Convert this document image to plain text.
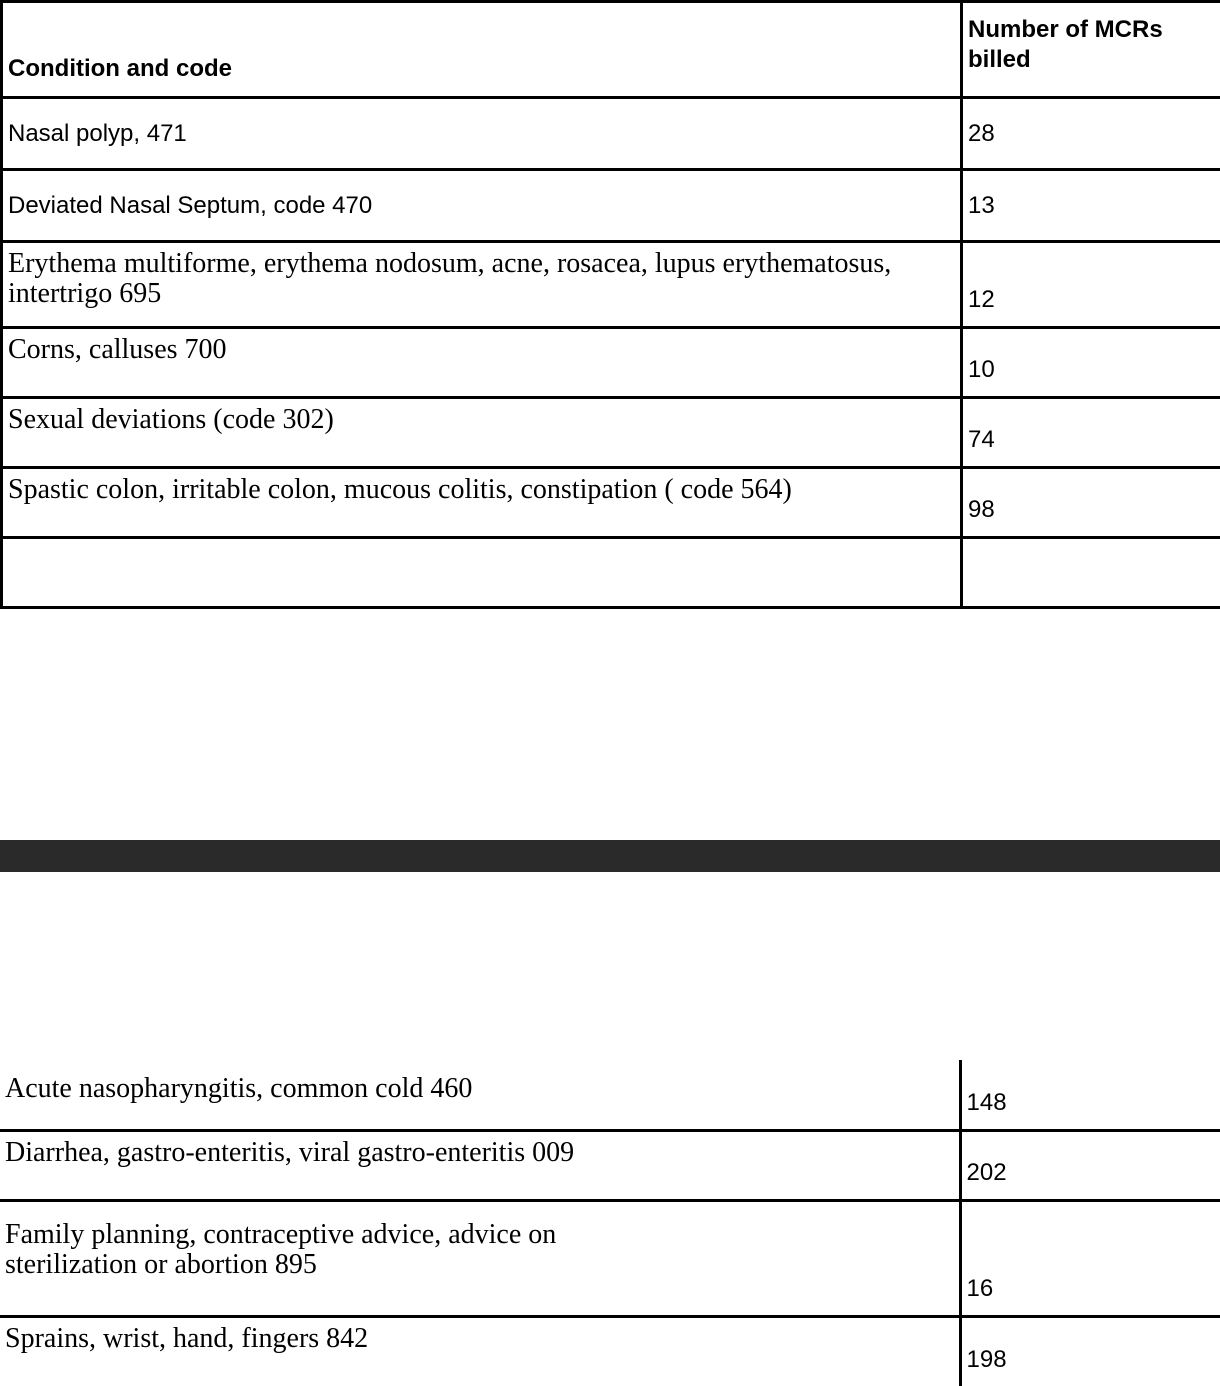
Condition and code	Number of MCRs billed
Nasal polyp, 471	28
Deviated Nasal Septum, code 470	13
Erythema multiforme, erythema nodosum, acne, rosacea, lupus erythematosus, intertrigo 695	12
Corns, calluses 700	10
Sexual deviations (code 302)	74
Spastic colon, irritable colon, mucous colitis, constipation ( code 564)	98

Acute nasopharyngitis, common cold 460	148
Diarrhea, gastro-enteritis, viral gastro-enteritis 009	202

Family planning, contraceptive advice, advice on
sterilization or abortion 895	16
Sprains, wrist, hand, fingers 842	198
